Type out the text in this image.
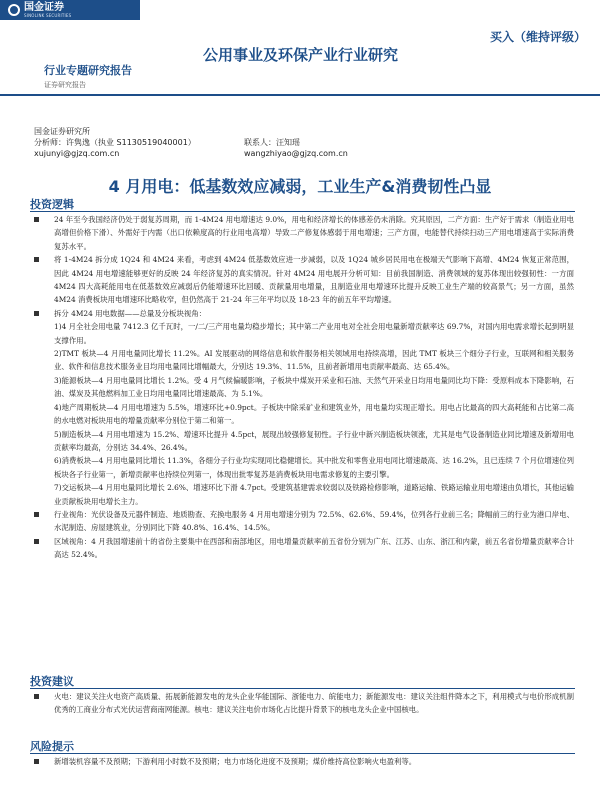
国金证券
SINOLINK SECURITIES
买入（维持评级）
公用事业及环保产业行业研究
行业专题研究报告
证券研究报告
国金证券研究所
分析师：许隽逸（执业 S1130519040001）	联系人：汪知瑶
xujunyi@gjzq.com.cn	wangzhiyao@gjzq.com.cn
4 月用电：低基数效应减弱，工业生产&消费韧性凸显
投资逻辑
24 年至今我国经济仍处于弱复苏周期，而 1-4M24 用电增速达 9.0%，用电和经济增长的体感差仍未消除。究其原因，二产方面：生产好于需求（制造业用电高增但价格下滑）、外需好于内需（出口依赖度高的行业用电高增）导致二产修复体感弱于用电增速；三产方面，电能替代持续扫动三产用电增速高于实际消费复苏水平。
将 1-4M24 拆分成 1Q24 和 4M24 来看，考虑到 4M24 低基数效应进一步减弱，以及 1Q24 城乡居民用电在极端天气影响下高增、4M24 恢复正常范围，因此 4M24 用电增速能够更好的反映 24 年经济复苏的真实情况。针对 4M24 用电展开分析可知：目前我国制造、消费领域的复苏体现出较强韧性：一方面 4M24 四大高耗能用电在低基数效应减弱后仍能增速环比回暖、贡献量用电增量，且制造业用电增速环比提升反映工业生产端的较高景气；另一方面，虽然 4M24 消费板块用电增速环比略收窄，但仍然高于 21-24 年三年平均以及 18-23 年的前五年平均增速。
拆分 4M24 用电数据——总量及分板块视角：
1)4 月全社会用电量 7412.3 亿千瓦时，一/二/三产用电量均稳步增长；其中第二产业用电对全社会用电量新增贡献率达 69.7%，对国内用电需求增长起到明显支撑作用。
2)TMT 板块—4 月用电量同比增长 11.2%。AI 发展驱动的网络信息和软件服务相关领域用电持续高增，因此 TMT 板块三个细分子行业，互联网和相关服务业、软件和信息技术服务业目均用电量同比增幅最大，分别达 19.3%、11.5%，且前者新增用电贡献率最高、达 65.4%。
3)能源板块—4 月用电量同比增长 1.2%。受 4 月气候偏暖影响，子板块中煤炭开采业和石油、天然气开采业日均用电量同比均下降：受原料成本下降影响，石油、煤炭及其他燃料加工业日均用电量同比增速最高、为 5.1%。
4)地产周期板块—4 月用电增速为 5.5%，增速环比+0.9pct。子板块中除采矿业和建筑业外，用电量均实现正增长。用电占比最高的四大高耗能和占比第二高的水电燃对板块用电的增量贡献率分别位于第二和第一。
5)制造板块—4 月用电增速为 15.2%、增速环比提升 4.5pct，展现出较强修复韧性。子行业中新兴制造板块领涨，尤其是电气设备制造业同比增速及新增用电贡献率均最高，分别达 34.4%、26.4%。
6)消费板块—4 月用电量同比增长 11.3%，各细分子行业均实现同比稳健增长。其中批发和零售业用电同比增速最高、达 16.2%，且已连续 7 个月位增速位列板块各子行业第一，新增贡献率也持续位列第一，体现出批零复苏是消费板块用电需求修复的主要引擎。
7)交运板块—4 月用电量同比增长 2.6%、增速环比下滑 4.7pct。受建筑基建需求较弱以及铁路检修影响，道路运输、铁路运输业用电增速由负增长，其他运输业贡献板块用电增长主力。
行业视角：光伏设备及元器件制造、地质勘查、充换电服务 4 月用电增速分别为 72.5%、62.6%、59.4%，位列各行业前三名；降幅前三的行业为港口岸电、水泥制造、房屋建筑业，分别同比下降 40.8%、16.4%、14.5%。
区域视角：4 月我国增速前十的省份主要集中在西部和南部地区，用电增量贡献率前五省份分别为广东、江苏、山东、浙江和内蒙，前五名省份增量贡献率合计高达 52.4%。
投资建议
火电：建议关注火电资产高质量、拓展新能源发电的龙头企业华能国际、浙能电力、皖能电力；新能源发电：建议关注组件降本之下，利用模式与电价形成机制优秀的工商业分布式光伏运营商南网能源。核电：建议关注电价市场化占比提升背景下的核电龙头企业中国核电。
风险提示
新增装机容量不及预期；下游利用小时数不及预期；电力市场化进度不及预期；煤价维持高位影响火电盈利等。
